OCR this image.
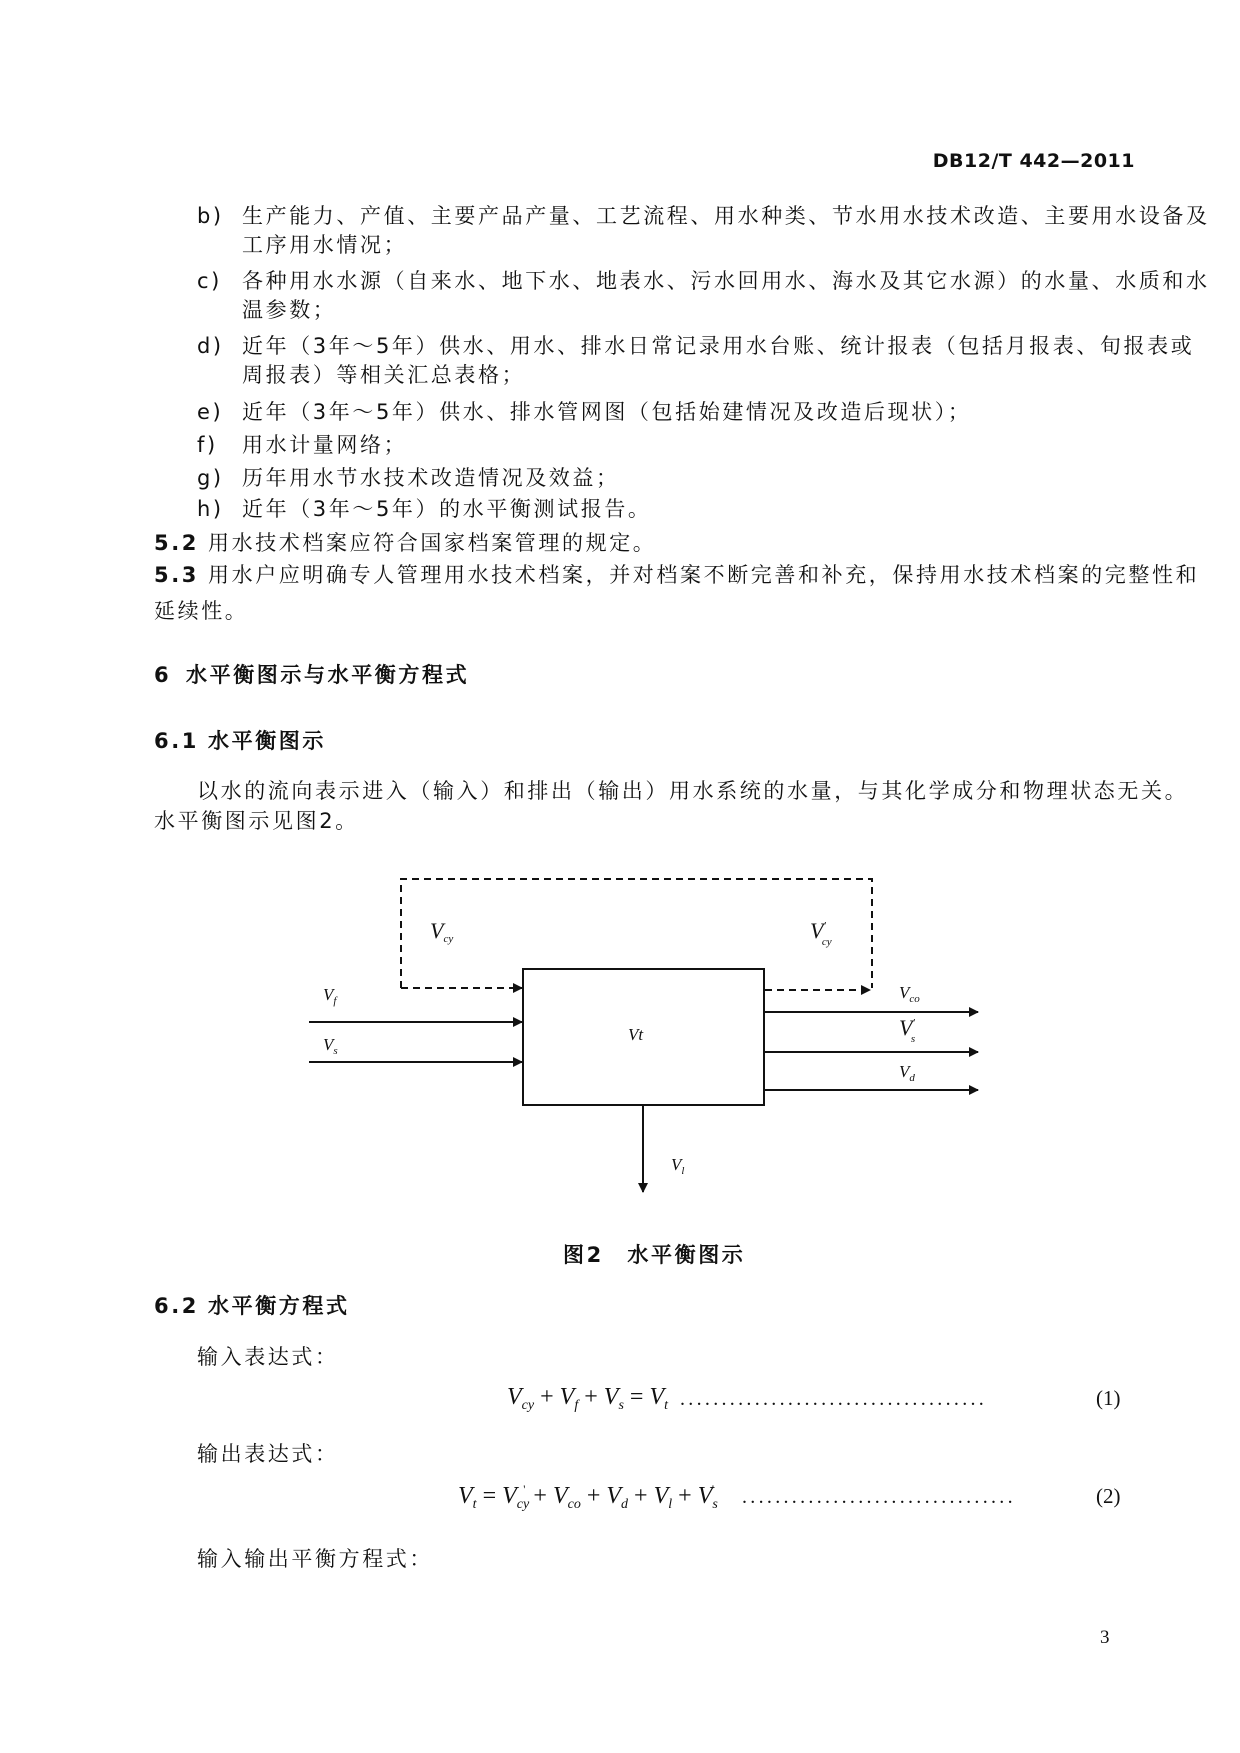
DB12/T 442—2011
b) 生产能力、产值、主要产品产量、工艺流程、用水种类、节水用水技术改造、主要用水设备及
工序用水情况；
c) 各种用水水源（自来水、地下水、地表水、污水回用水、海水及其它水源）的水量、水质和水
温参数；
d) 近年（3年～5年）供水、用水、排水日常记录用水台账、统计报表（包括月报表、旬报表或
周报表）等相关汇总表格；
e) 近年（3年～5年）供水、排水管网图（包括始建情况及改造后现状）；
f) 用水计量网络；
g) 历年用水节水技术改造情况及效益；
h) 近年（3年～5年）的水平衡测试报告。
5.2 用水技术档案应符合国家档案管理的规定。
5.3 用水户应明确专人管理用水技术档案，并对档案不断完善和补充，保持用水技术档案的完整性和
延续性。
6 水平衡图示与水平衡方程式
6.1 水平衡图示
以水的流向表示进入（输入）和排出（输出）用水系统的水量，与其化学成分和物理状态无关。
水平衡图示见图2。
Vt
Vcy	V' cy
$V_f$
$V_s$
$V_{co}$
V' s
$V_d$
$V_l$
图2　水平衡图示
6.2 水平衡方程式
输入表达式：
$V_{cy} + V_f + V_s = V_t$ .....................................	(1)
输出表达式：
$V_t = V_{cy}' + V_{co} + V_d + V_l + V_s'$ .................................	(2)
输入输出平衡方程式：
3
